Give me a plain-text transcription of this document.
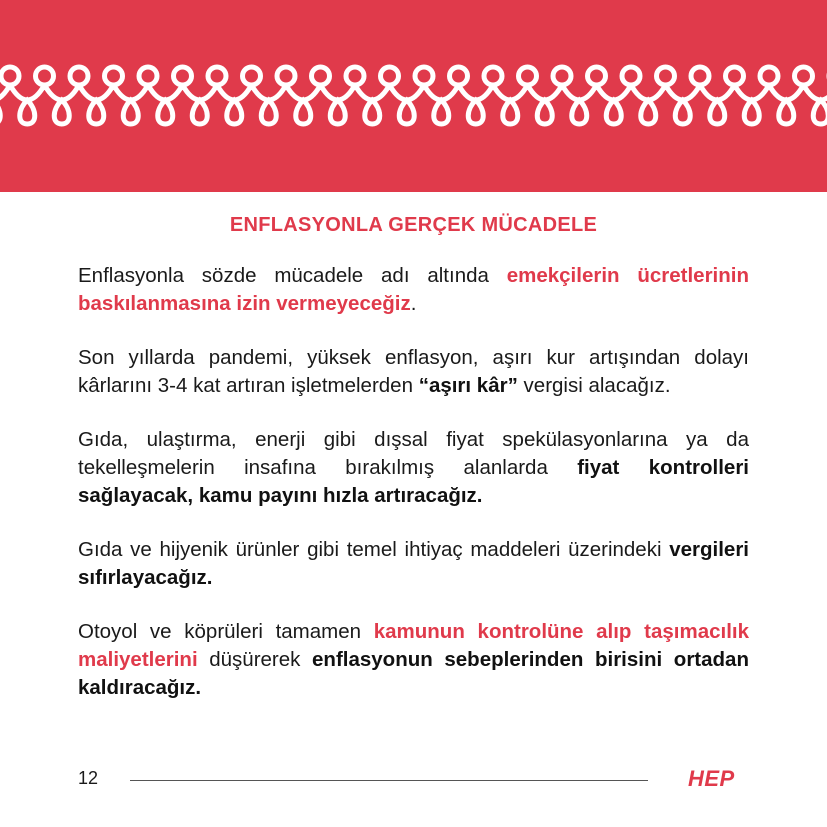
ENFLASYONLA GERÇEK MÜCADELE

Enflasyonla sözde mücadele adı altında emekçilerin ücretlerinin baskılanmasına izin vermeyeceğiz.

Son yıllarda pandemi, yüksek enflasyon, aşırı kur artışından dolayı kârlarını 3-4 kat artıran işletmelerden “aşırı kâr” vergisi alacağız.

Gıda, ulaştırma, enerji gibi dışsal fiyat spekülasyonlarına ya da tekelleşmelerin insafına bırakılmış alanlarda fiyat kontrolleri sağlayacak, kamu payını hızla artıracağız.

Gıda ve hijyenik ürünler gibi temel ihtiyaç maddeleri üzerindeki vergileri sıfırlayacağız.

Otoyol ve köprüleri tamamen kamunun kontrolüne alıp taşımacılık maliyetlerini düşürerek enflasyonun sebeplerinden birisini ortadan kaldıracağız.

12	HEP
